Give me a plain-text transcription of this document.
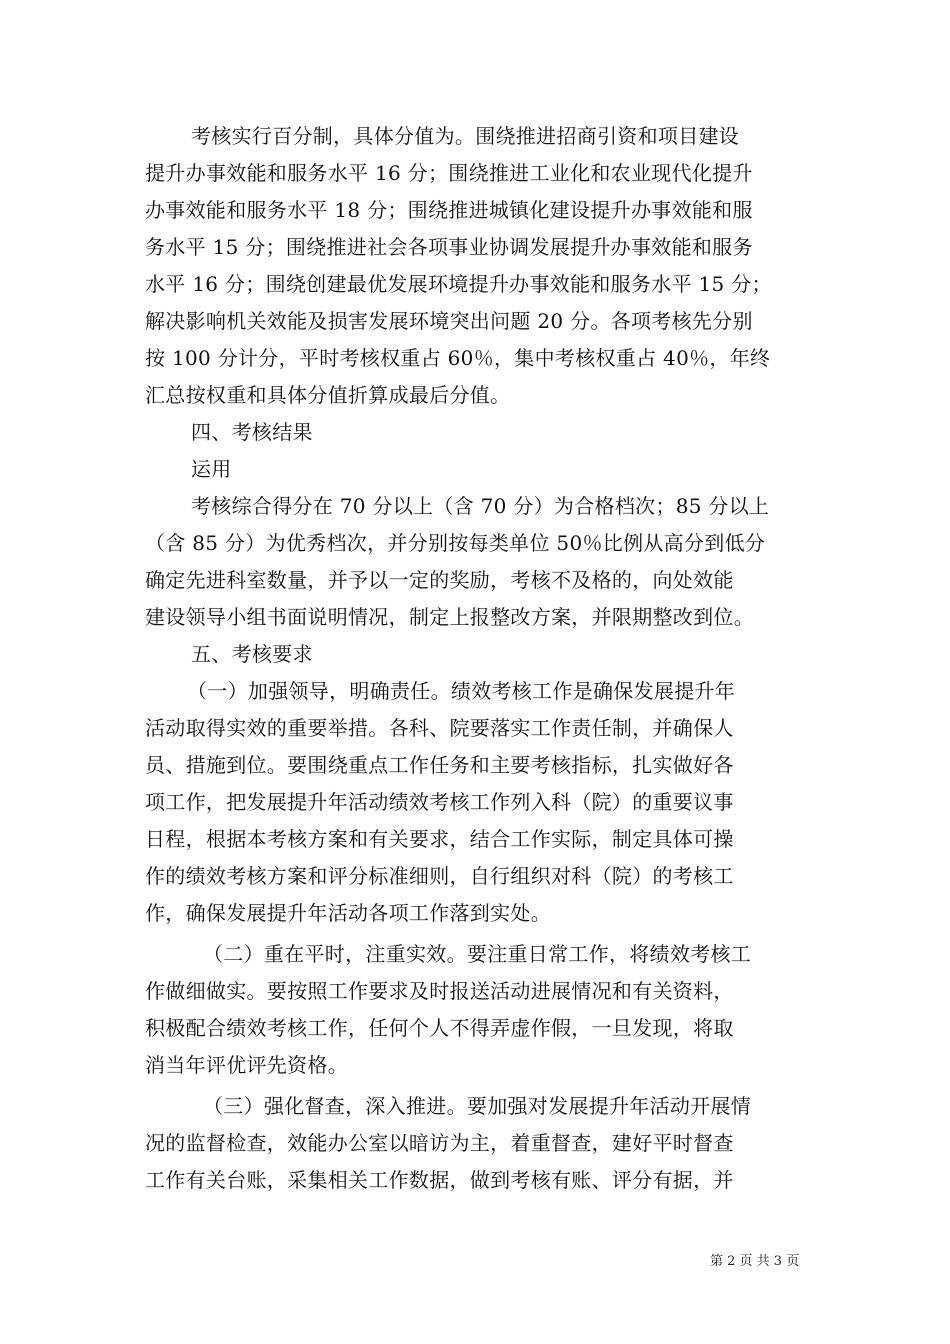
考核实行百分制，具体分值为。围绕推进招商引资和项目建设
提升办事效能和服务水平 16 分；围绕推进工业化和农业现代化提升
办事效能和服务水平 18 分；围绕推进城镇化建设提升办事效能和服
务水平 15 分；围绕推进社会各项事业协调发展提升办事效能和服务
水平 16 分；围绕创建最优发展环境提升办事效能和服务水平 15 分；
解决影响机关效能及损害发展环境突出问题 20 分。各项考核先分别
按 100 分计分，平时考核权重占 60％，集中考核权重占 40％，年终
汇总按权重和具体分值折算成最后分值。
四、考核结果
运用
考核综合得分在 70 分以上（含 70 分）为合格档次；85 分以上
（含 85 分）为优秀档次，并分别按每类单位 50％比例从高分到低分
确定先进科室数量，并予以一定的奖励，考核不及格的，向处效能
建设领导小组书面说明情况，制定上报整改方案，并限期整改到位。
五、考核要求
（一）加强领导，明确责任。绩效考核工作是确保发展提升年
活动取得实效的重要举措。各科、院要落实工作责任制，并确保人
员、措施到位。要围绕重点工作任务和主要考核指标，扎实做好各
项工作，把发展提升年活动绩效考核工作列入科（院）的重要议事
日程，根据本考核方案和有关要求，结合工作实际，制定具体可操
作的绩效考核方案和评分标准细则，自行组织对科（院）的考核工
作，确保发展提升年活动各项工作落到实处。
（二）重在平时，注重实效。要注重日常工作，将绩效考核工
作做细做实。要按照工作要求及时报送活动进展情况和有关资料，
积极配合绩效考核工作，任何个人不得弄虚作假，一旦发现，将取
消当年评优评先资格。
（三）强化督查，深入推进。要加强对发展提升年活动开展情
况的监督检查，效能办公室以暗访为主，着重督查，建好平时督查
工作有关台账，采集相关工作数据，做到考核有账、评分有据，并
第 2 页 共 3 页
